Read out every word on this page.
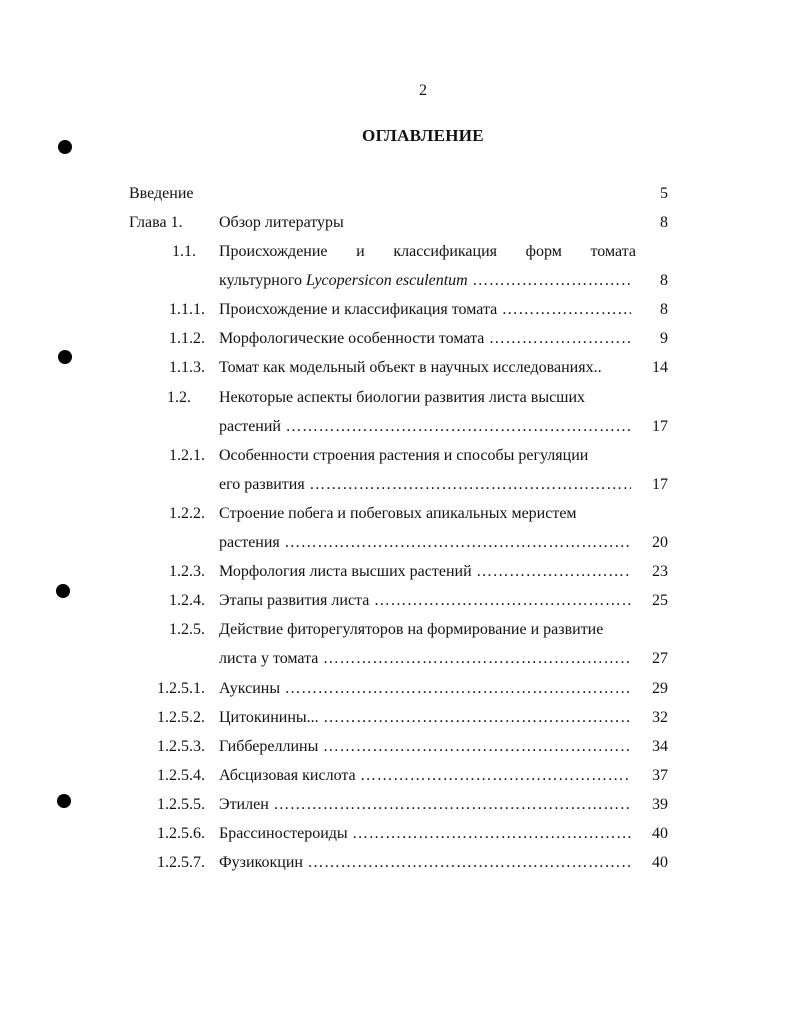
2
ОГЛАВЛЕНИЕ
Введение	5
Глава 1. Обзор литературы	8
1.1. Происхождение и классификация форм томата
культурного Lycopersicon esculentum ………………………………………………………………………………………………………………………………………………	8
1.1.1. Происхождение и классификация томата ………………………………………………………………………………………………………………………………………………	8
1.1.2. Морфологические особенности томата ………………………………………………………………………………………………………………………………………………	9
1.1.3. Томат как модельный объект в научных исследованиях..	14
1.2. Некоторые аспекты биологии развития листа высших
растений ………………………………………………………………………………………………………………………………………………	17
1.2.1. Особенности строения растения и способы регуляции
его развития ………………………………………………………………………………………………………………………………………………	17
1.2.2. Строение побега и побеговых апикальных меристем
растения ………………………………………………………………………………………………………………………………………………	20
1.2.3. Морфология листа высших растений ………………………………………………………………………………………………………………………………………………	23
1.2.4. Этапы развития листа ………………………………………………………………………………………………………………………………………………	25
1.2.5. Действие фиторегуляторов на формирование и развитие
листа у томата ………………………………………………………………………………………………………………………………………………	27
1.2.5.1. Ауксины ………………………………………………………………………………………………………………………………………………	29
1.2.5.2. Цитокинины... ………………………………………………………………………………………………………………………………………………	32
1.2.5.3. Гиббереллины ………………………………………………………………………………………………………………………………………………	34
1.2.5.4. Абсцизовая кислота ………………………………………………………………………………………………………………………………………………	37
1.2.5.5. Этилен ………………………………………………………………………………………………………………………………………………	39
1.2.5.6. Брассиностероиды ………………………………………………………………………………………………………………………………………………	40
1.2.5.7. Фузикокцин ………………………………………………………………………………………………………………………………………………	40
